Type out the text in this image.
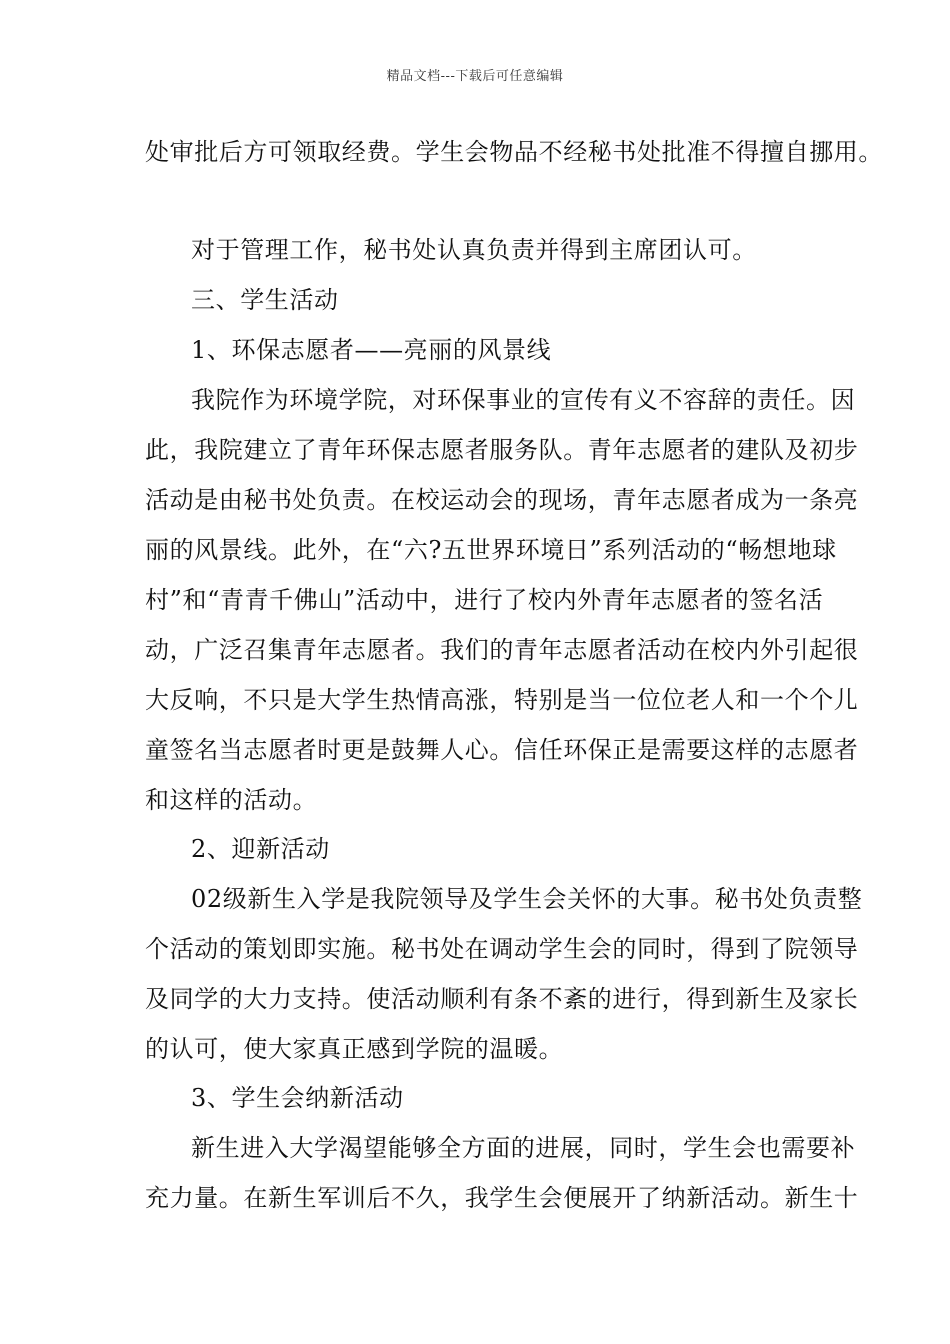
精品文档---下载后可任意编辑
处审批后方可领取经费。学生会物品不经秘书处批准不得擅自挪用。
对于管理工作，秘书处认真负责并得到主席团认可。
三、学生活动
1、环保志愿者——亮丽的风景线
我院作为环境学院，对环保事业的宣传有义不容辞的责任。因
此，我院建立了青年环保志愿者服务队。青年志愿者的建队及初步
活动是由秘书处负责。在校运动会的现场，青年志愿者成为一条亮
丽的风景线。此外，在“六?五世界环境日”系列活动的“畅想地球
村”和“青青千佛山”活动中，进行了校内外青年志愿者的签名活
动，广泛召集青年志愿者。我们的青年志愿者活动在校内外引起很
大反响，不只是大学生热情高涨，特别是当一位位老人和一个个儿
童签名当志愿者时更是鼓舞人心。信任环保正是需要这样的志愿者
和这样的活动。
2、迎新活动
02级新生入学是我院领导及学生会关怀的大事。秘书处负责整
个活动的策划即实施。秘书处在调动学生会的同时，得到了院领导
及同学的大力支持。使活动顺利有条不紊的进行，得到新生及家长
的认可，使大家真正感到学院的温暖。
3、学生会纳新活动
新生进入大学渴望能够全方面的进展，同时，学生会也需要补
充力量。在新生军训后不久，我学生会便展开了纳新活动。新生十
